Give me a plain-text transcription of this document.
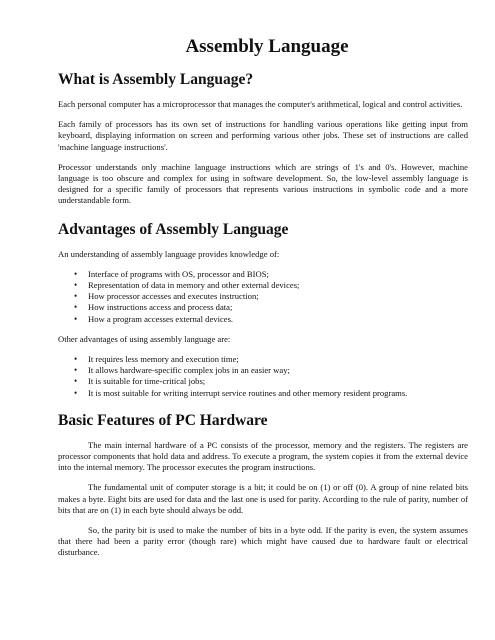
Assembly Language
What is Assembly Language?

Each personal computer has a microprocessor that manages the computer's arithmetical, logical and control activities.

Each family of processors has its own set of instructions for handling various operations like getting input from keyboard, displaying information on screen and performing various other jobs. These set of instructions are called 'machine language instructions'.

Processor understands only machine language instructions which are strings of 1's and 0's. However, machine language is too obscure and complex for using in software development. So, the low-level assembly language is designed for a specific family of processors that represents various instructions in symbolic code and a more understandable form.

Advantages of Assembly Language

An understanding of assembly language provides knowledge of:

• Interface of programs with OS, processor and BIOS;
• Representation of data in memory and other external devices;
• How processor accesses and executes instruction;
• How instructions access and process data;
• How a program accesses external devices.

Other advantages of using assembly language are:

• It requires less memory and execution time;
• It allows hardware-specific complex jobs in an easier way;
• It is suitable for time-critical jobs;
• It is most suitable for writing interrupt service routines and other memory resident programs.
Basic Features of PC Hardware

The main internal hardware of a PC consists of the processor, memory and the registers. The registers are processor components that hold data and address. To execute a program, the system copies it from the external device into the internal memory. The processor executes the program instructions.

The fundamental unit of computer storage is a bit; it could be on (1) or off (0). A group of nine related bits makes a byte. Eight bits are used for data and the last one is used for parity. According to the rule of parity, number of bits that are on (1) in each byte should always be odd.

So, the parity bit is used to make the number of bits in a byte odd. If the parity is even, the system assumes that there had been a parity error (though rare) which might have caused due to hardware fault or electrical disturbance.
